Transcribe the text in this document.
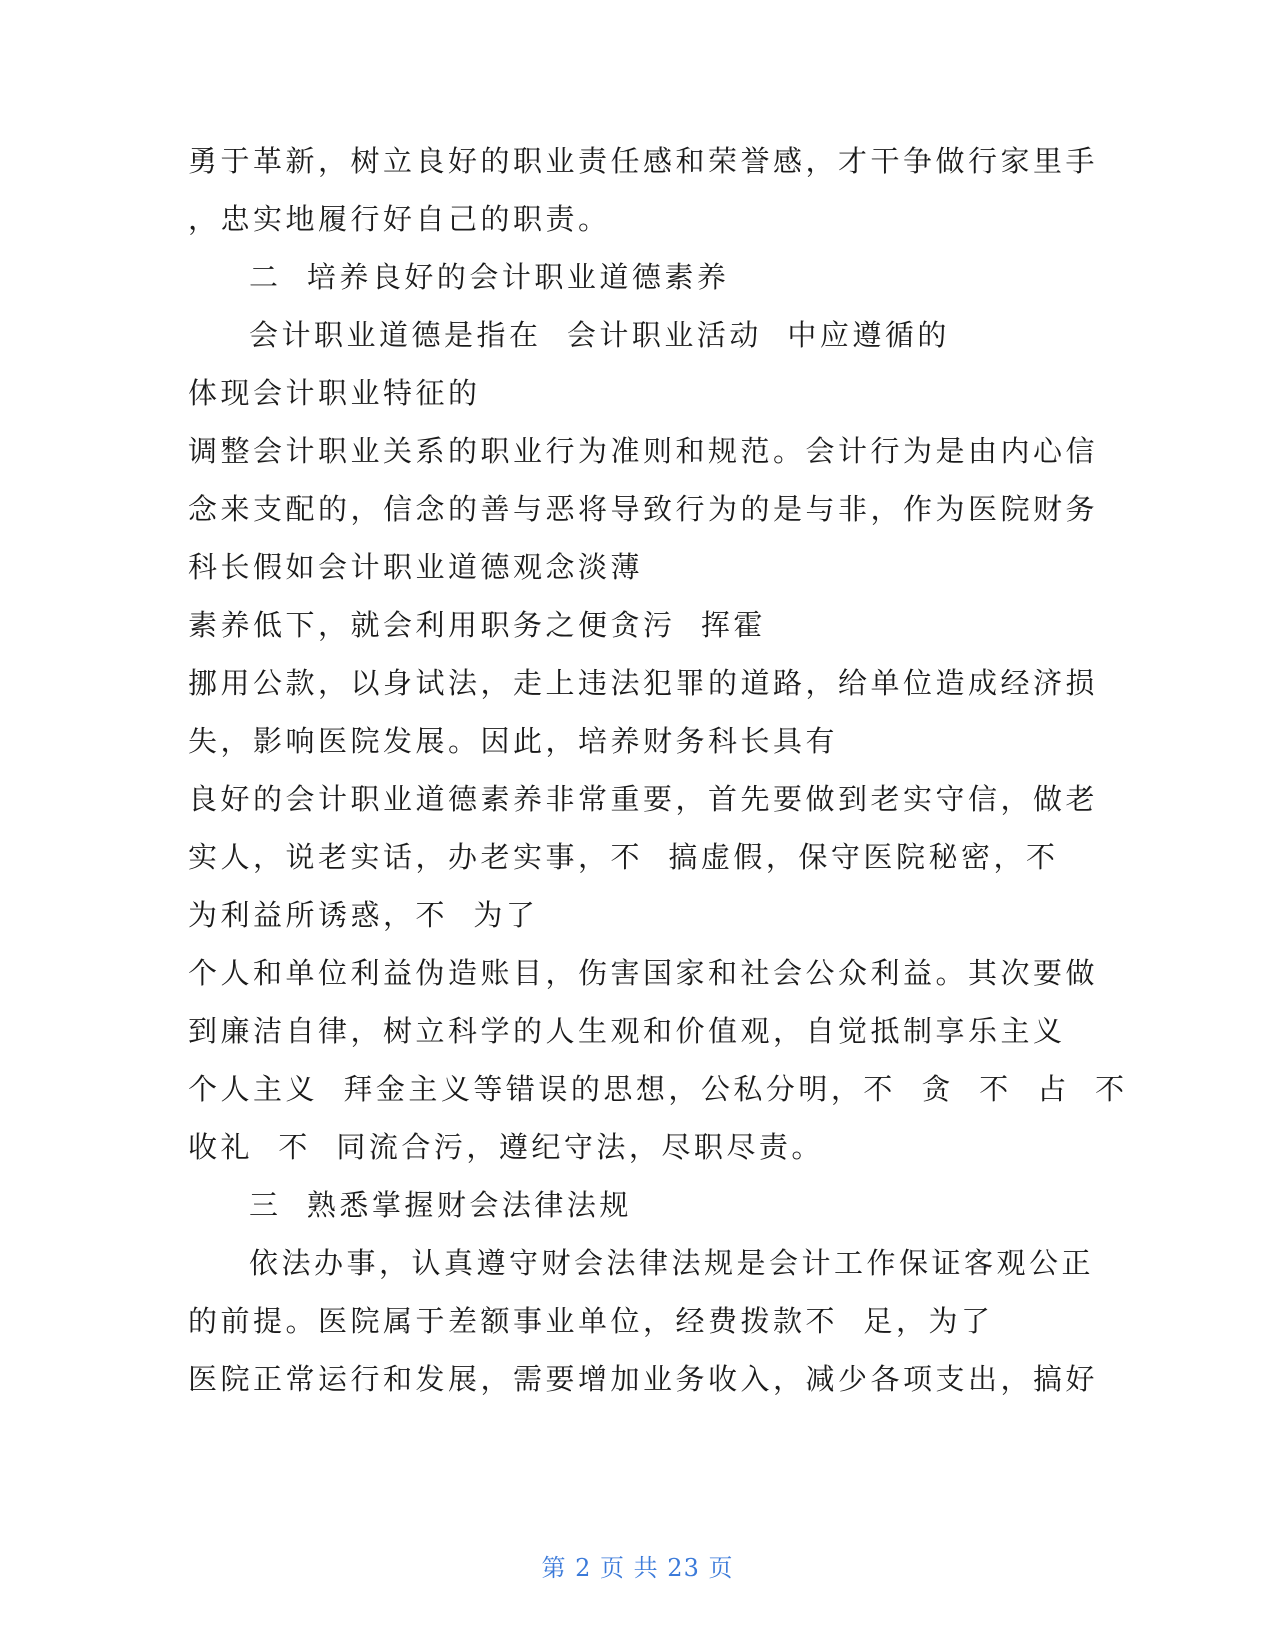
勇于革新，树立良好的职业责任感和荣誉感，才干争做行家里手
，忠实地履行好自己的职责。
二  培养良好的会计职业道德素养
会计职业道德是指在  会计职业活动  中应遵循的
体现会计职业特征的
调整会计职业关系的职业行为准则和规范。会计行为是由内心信
念来支配的，信念的善与恶将导致行为的是与非，作为医院财务
科长假如会计职业道德观念淡薄
素养低下，就会利用职务之便贪污  挥霍
挪用公款，以身试法，走上违法犯罪的道路，给单位造成经济损
失，影响医院发展。因此，培养财务科长具有
良好的会计职业道德素养非常重要，首先要做到老实守信，做老
实人，说老实话，办老实事，不  搞虚假，保守医院秘密，不
为利益所诱惑，不  为了
个人和单位利益伪造账目，伤害国家和社会公众利益。其次要做
到廉洁自律，树立科学的人生观和价值观，自觉抵制享乐主义
个人主义  拜金主义等错误的思想，公私分明，不  贪  不  占  不
收礼  不  同流合污，遵纪守法，尽职尽责。
三  熟悉掌握财会法律法规
依法办事，认真遵守财会法律法规是会计工作保证客观公正
的前提。医院属于差额事业单位，经费拨款不  足，为了
医院正常运行和发展，需要增加业务收入，减少各项支出，搞好
第 2 页 共 23 页
